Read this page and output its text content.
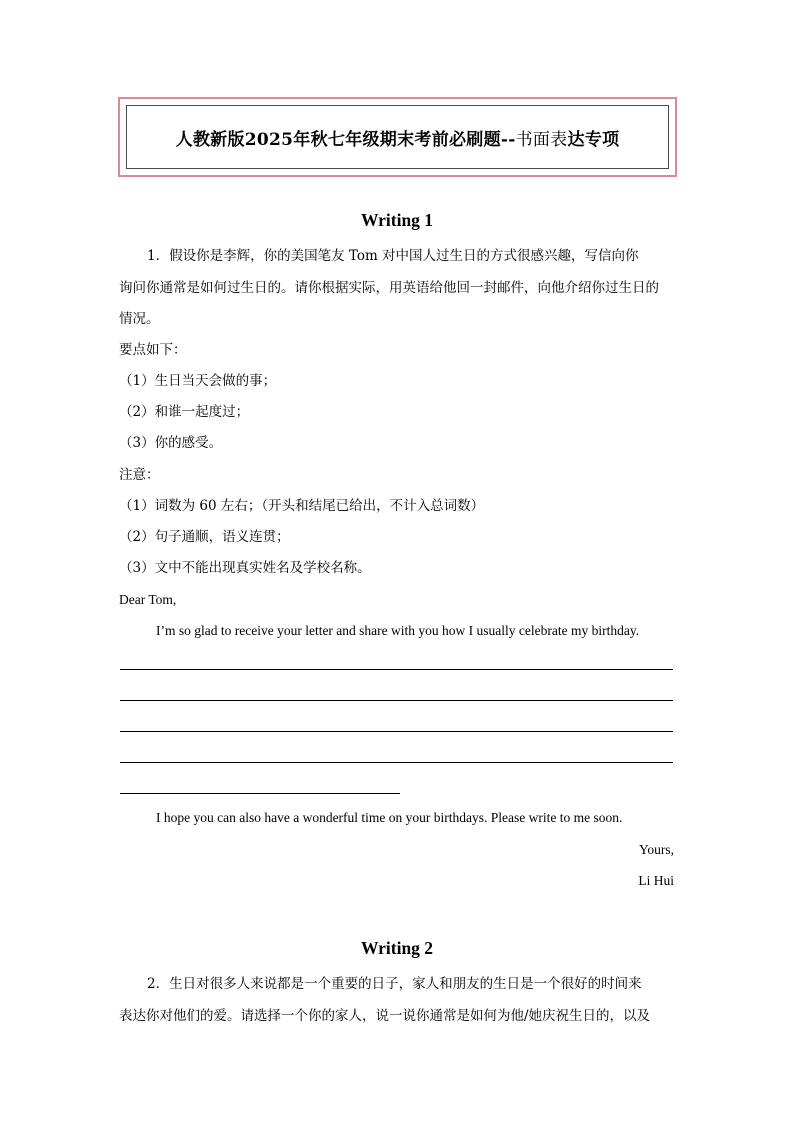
人教新版2025年秋七年级期末考前必刷题--书面表达专项
Writing 1
1．假设你是李辉，你的美国笔友 Tom 对中国人过生日的方式很感兴趣，写信向你
询问你通常是如何过生日的。请你根据实际，用英语给他回一封邮件，向他介绍你过生日的
情况。
要点如下：
（1）生日当天会做的事；
（2）和谁一起度过；
（3）你的感受。
注意：
（1）词数为 60 左右；（开头和结尾已给出，不计入总词数）
（2）句子通顺，语义连贯；
（3）文中不能出现真实姓名及学校名称。
Dear Tom,
I’m so glad to receive your letter and share with you how I usually celebrate my birthday.
I hope you can also have a wonderful time on your birthdays. Please write to me soon.
Yours,
Li Hui
Writing 2
2．生日对很多人来说都是一个重要的日子，家人和朋友的生日是一个很好的时间来
表达你对他们的爱。请选择一个你的家人，说一说你通常是如何为他/她庆祝生日的，以及
